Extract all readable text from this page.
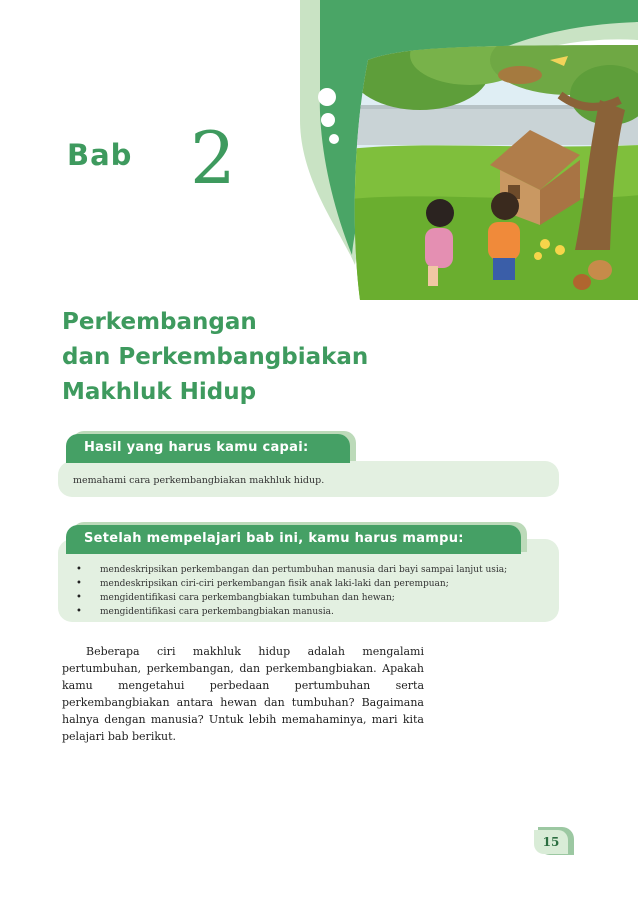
Bab 2
Perkembangan
dan Perkembangbiakan
Makhluk Hidup
Hasil yang harus kamu capai:
memahami cara perkembangbiakan makhluk hidup.
Setelah mempelajari bab ini, kamu harus mampu:
• mendeskripsikan perkembangan dan pertumbuhan manusia dari bayi sampai lanjut usia;
• mendeskripsikan ciri-ciri perkembangan fisik anak laki-laki dan perempuan;
• mengidentifikasi cara perkembangbiakan tumbuhan dan hewan;
• mengidentifikasi cara perkembangbiakan manusia.

Beberapa ciri makhluk hidup adalah mengalami pertumbuhan, perkembangan, dan perkembangbiakan. Apakah kamu mengetahui perbedaan pertumbuhan serta perkembangbiakan antara hewan dan tumbuhan? Bagaimana halnya dengan manusia? Untuk lebih memahaminya, mari kita pelajari bab berikut.

15
